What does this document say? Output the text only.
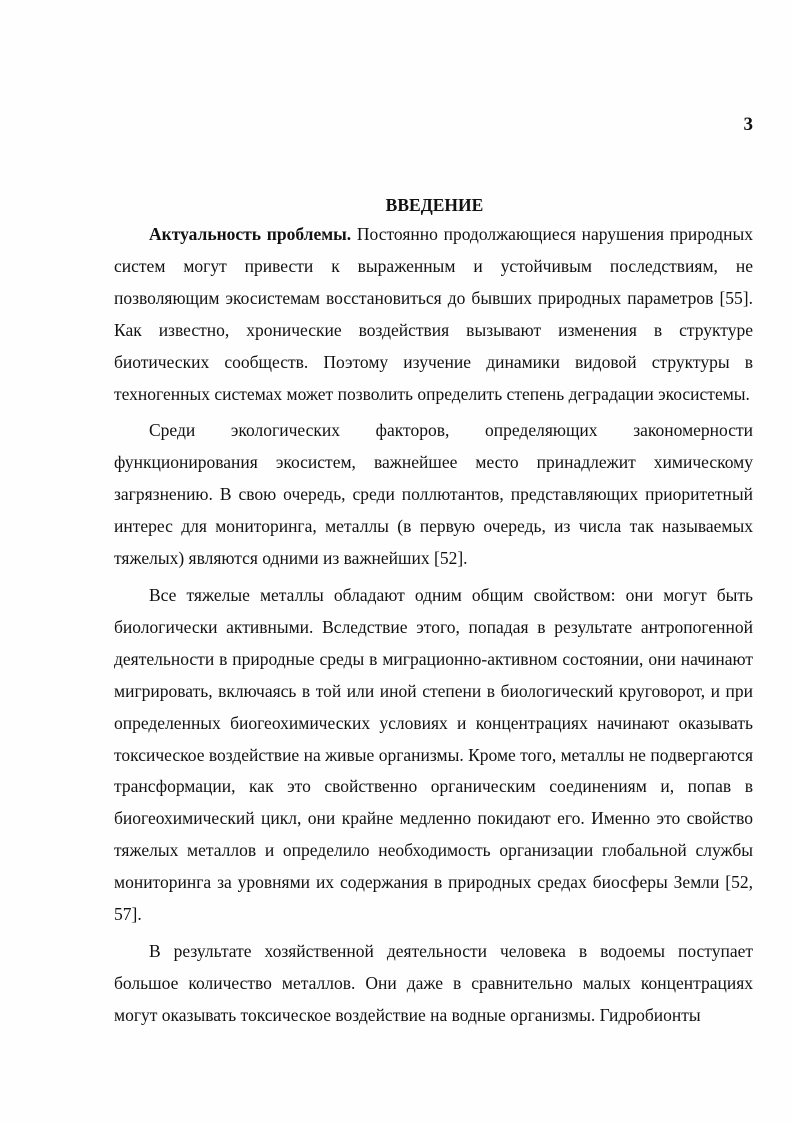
3
ВВЕДЕНИЕ

Актуальность проблемы. Постоянно продолжающиеся нарушения природных систем могут привести к выраженным и устойчивым последствиям, не позволяющим экосистемам восстановиться до бывших природных параметров [55]. Как известно, хронические воздействия вызывают изменения в структуре биотических сообществ. Поэтому изучение динамики видовой структуры в техногенных системах может позволить определить степень деградации экосистемы.

Среди экологических факторов, определяющих закономерности функционирования экосистем, важнейшее место принадлежит химическому загрязнению. В свою очередь, среди поллютантов, представляющих приоритетный интерес для мониторинга, металлы (в первую очередь, из числа так называемых тяжелых) являются одними из важнейших [52].

Все тяжелые металлы обладают одним общим свойством: они могут быть биологически активными. Вследствие этого, попадая в результате антропогенной деятельности в природные среды в миграционно-активном состоянии, они начинают мигрировать, включаясь в той или иной степени в биологический круговорот, и при определенных биогеохимических условиях и концентрациях начинают оказывать токсическое воздействие на живые организмы. Кроме того, металлы не подвергаются трансформации, как это свойственно органическим соединениям и, попав в биогеохимический цикл, они крайне медленно покидают его. Именно это свойство тяжелых металлов и определило необходимость организации глобальной службы мониторинга за уровнями их содержания в природных средах биосферы Земли [52, 57].

В результате хозяйственной деятельности человека в водоемы поступает большое количество металлов. Они даже в сравнительно малых концентрациях могут оказывать токсическое воздействие на водные организмы. Гидробионты
